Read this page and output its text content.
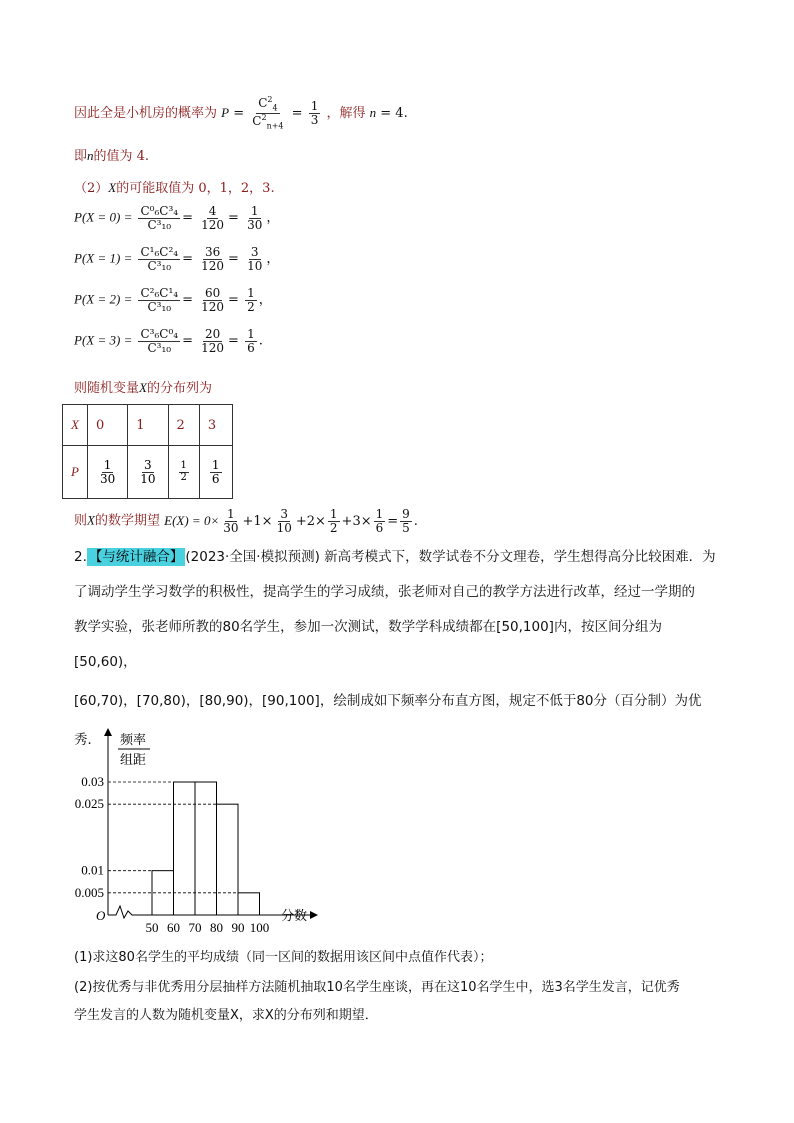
因此全是小机房的概率为 $P = \frac{C^2_4}{C^2_{n+4}} = \frac{1}{3}$ ，解得 n = 4.
即n的值为 4.
（2）X的可能取值为 0，1，2，3.
$P(X = 0) = \frac{\text{C⁰₆C³₄}}{\text{C³₁₀}} = \frac{4}{120} = \frac{1}{30}$ ，
$P(X = 1) = \frac{\text{C¹₆C²₄}}{\text{C³₁₀}} = \frac{36}{120} = \frac{3}{10}$ ，
$P(X = 2) = \frac{\text{C²₆C¹₄}}{\text{C³₁₀}} = \frac{60}{120} = \frac{1}{2}$ ，
$P(X = 3) = \frac{\text{C³₆C⁰₄}}{\text{C³₁₀}} = \frac{20}{120} = \frac{1}{6}$ .
则随机变量X的分布列为
X	0	1	2	3
P	$\frac{1}{30}$	$\frac{3}{10}$	$\frac{1}{2}$	$\frac{1}{6}$
则X的数学期望 $E(X) = 0\times \frac{1}{30} +1\times \frac{3}{10} +2\times \frac{1}{2} +3\times \frac{1}{6} = \frac{9}{5}$ .
2. 【与统计融合】 (2023·全国·模拟预测) 新高考模式下，数学试卷不分文理卷，学生想得高分比较困难．为
了调动学生学习数学的积极性，提高学生的学习成绩，张老师对自己的教学方法进行改革，经过一学期的
教学实验，张老师所教的80名学生，参加一次测试，数学学科成绩都在[50,100]内，按区间分组为[50,60)，
[60,70)，[70,80)，[80,90)，[90,100]，绘制成如下频率分布直方图，规定不低于80分（百分制）为优
秀．	频率
组距
O	分数
50 60 70 80 90 100
0.03
0.025
0.01
0.005
(1)求这80名学生的平均成绩（同一区间的数据用该区间中点值作代表）；
(2)按优秀与非优秀用分层抽样方法随机抽取10名学生座谈，再在这10名学生中，选3名学生发言，记优秀
学生发言的人数为随机变量X，求X的分布列和期望．
